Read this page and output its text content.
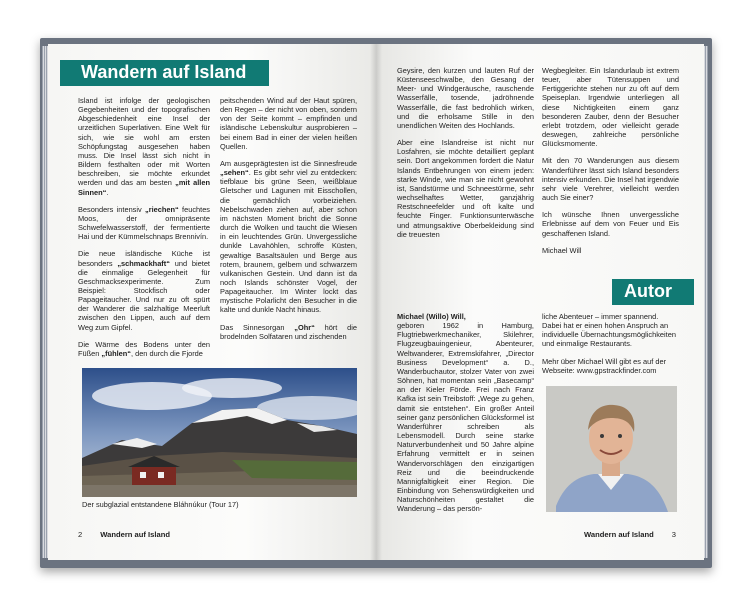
Wandern auf Island

Island ist infolge der geologischen Gegebenheiten und der topografischen Abgeschiedenheit eine Insel der urzeitlichen Superlativen. Eine Welt für sich, wie sie wohl am ersten Schöpfungstag ausgesehen haben muss. Die Insel lässt sich nicht in Bildern festhalten oder mit Worten beschreiben, sie möchte erkundet werden und das am besten „mit allen Sinnen“.

Besonders intensiv „riechen“ feuchtes Moos, der omnipräsente Schwefelwasserstoff, der fermentierte Hai und der Kümmelschnaps Brennivín.

Die neue isländische Küche ist besonders „schmackhaft“ und bietet die einmalige Gelegenheit für Geschmacksexperimente. Zum Beispiel: Stockfisch oder Papageitaucher. Und nur zu oft spürt der Wanderer die salzhaltige Meerluft zwischen den Lippen, auch auf dem Weg zum Gipfel.

Die Wärme des Bodens unter den Füßen „fühlen“, den durch die Fjorde

peitschenden Wind auf der Haut spüren, den Regen – der nicht von oben, sondern von der Seite kommt – empfinden und isländische Lebenskultur ausprobieren – bei einem Bad in einer der vielen heißen Quellen.

Am ausgeprägtesten ist die Sinnesfreude „sehen“. Es gibt sehr viel zu entdecken: tiefblaue bis grüne Seen, weißblaue Gletscher und Lagunen mit Eisschollen, die gemächlich vorbeiziehen. Nebelschwaden ziehen auf, aber schon im nächsten Moment bricht die Sonne durch die Wolken und taucht die Wiesen in ein leuchtendes Grün. Unvergessliche dunkle Lavahöhlen, schroffe Küsten, gewaltige Basaltsäulen und Berge aus rotem, braunem, gelbem und schwarzem vulkanischen Gestein. Und dann ist da noch Islands schönster Vogel, der Papageitaucher. Im Winter lockt das mystische Polarlicht den Besucher in die kalte und dunkle Nacht hinaus.

Das Sinnesorgan „Ohr“ hört die brodelnden Solfataren und zischenden

Der subglazial entstandene Bláhnúkur (Tour 17)
2 Wandern auf Island

Geysire, den kurzen und lauten Ruf der Küstenseeschwalbe, den Gesang der Meer- und Windgeräusche, rauschende Wasserfälle, tosende, jadröhnende Wasserfälle, die fast bedrohlich wirken, und die erholsame Stille in den unendlichen Weiten des Hochlands.

Aber eine Islandreise ist nicht nur Losfahren, sie möchte detailliert geplant sein. Dort angekommen fordert die Natur Islands Entbehrungen von einem jeden: starke Winde, wie man sie nicht gewohnt ist, Sandstürme und Schneestürme, sehr wechselhaftes Wetter, ganzjährig Restschneefelder und oft kalte und feuchte Finger. Funktionsunterwäsche und atmungsaktive Oberbekleidung sind die treuesten

Wegbegleiter. Ein Islandurlaub ist extrem teuer, aber Tütensuppen und Fertiggerichte stehen nur zu oft auf dem Speiseplan. Irgendwie unterliegen all diese Nichtigkeiten einem ganz besonderen Zauber, denn der Besucher erlebt trotzdem, oder vielleicht gerade deswegen, zahlreiche persönliche Glücksmomente.

Mit den 70 Wanderungen aus diesem Wanderführer lässt sich Island besonders intensiv erkunden. Die Insel hat irgendwie sehr viele Verehrer, vielleicht werden auch Sie einer?

Ich wünsche Ihnen unvergessliche Erlebnisse auf dem von Feuer und Eis geschaffenen Island.

Michael Will

Autor

Michael (Willo) Will,
geboren 1962 in Hamburg, Flugtriebwerkmechaniker, Skilehrer, Flugzeugbauingenieur, Abenteurer, Weltwanderer, Extremskifahrer, „Director Business Development“ a. D., Wanderbuchautor, stolzer Vater von zwei Söhnen, hat momentan sein „Basecamp“ an der Kieler Förde. Frei nach Franz Kafka ist sein Treibstoff: „Wege zu gehen, damit sie entstehen“. Ein großer Anteil seiner ganz persönlichen Glücksformel ist Wanderführer schreiben als Lebensmodell. Durch seine starke Naturverbundenheit und 50 Jahre alpine Erfahrung vermittelt er in seinen Wandervorschlägen den einzigartigen Reiz und die beeindruckende Mannigfaltigkeit einer Region. Die Einbindung von Sehenswürdigkeiten und Naturschönheiten gestaltet die Wanderung – das persön-

liche Abenteuer – immer spannend. Dabei hat er einen hohen Anspruch an individuelle Übernachtungsmöglichkeiten und einmalige Restaurants.

Mehr über Michael Will gibt es auf der Webseite: www.gpstrackfinder.com

Wandern auf Island 3
